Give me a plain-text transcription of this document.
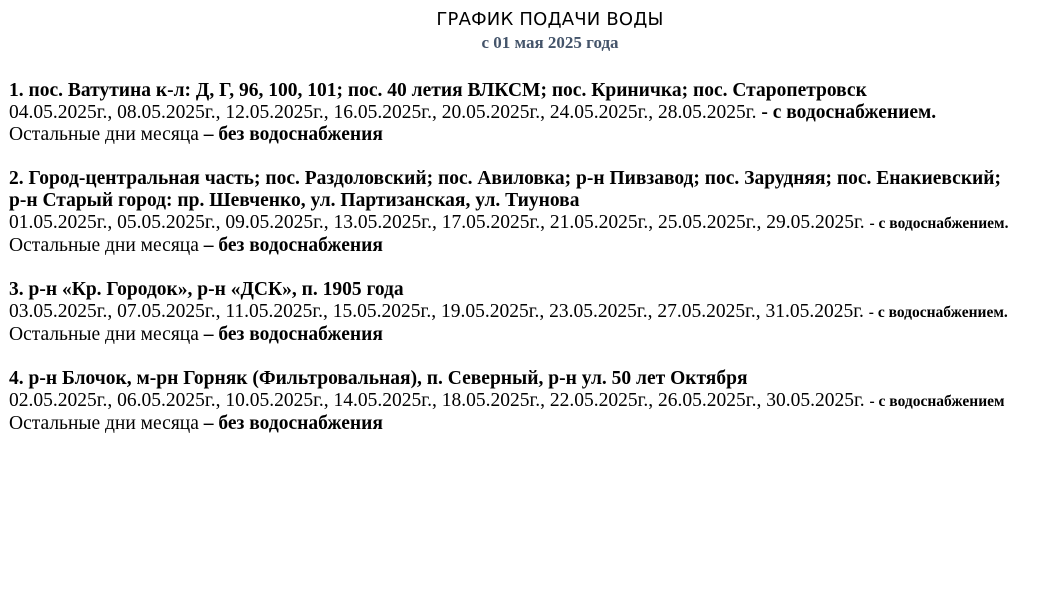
ГРАФИК ПОДАЧИ ВОДЫ
с 01 мая 2025 года
1. пос. Ватутина к-л: Д, Г, 96, 100, 101; пос. 40 летия ВЛКСМ; пос. Криничка; пос. Старопетровск
04.05.2025г., 08.05.2025г., 12.05.2025г., 16.05.2025г., 20.05.2025г., 24.05.2025г., 28.05.2025г. - с водоснабжением.
Остальные дни месяца – без водоснабжения
2. Город-центральная часть; пос. Раздоловский; пос. Авиловка; р-н Пивзавод; пос. Зарудняя; пос. Енакиевский;
р-н Старый город: пр. Шевченко, ул. Партизанская, ул. Тиунова
01.05.2025г., 05.05.2025г., 09.05.2025г., 13.05.2025г., 17.05.2025г., 21.05.2025г., 25.05.2025г., 29.05.2025г. - с водоснабжением.
Остальные дни месяца – без водоснабжения
3. р-н «Кр. Городок», р-н «ДСК», п. 1905 года
03.05.2025г., 07.05.2025г., 11.05.2025г., 15.05.2025г., 19.05.2025г., 23.05.2025г., 27.05.2025г., 31.05.2025г. - с водоснабжением.
Остальные дни месяца – без водоснабжения
4. р-н Блочок, м-рн Горняк (Фильтровальная), п. Северный, р-н ул. 50 лет Октября
02.05.2025г., 06.05.2025г., 10.05.2025г., 14.05.2025г., 18.05.2025г., 22.05.2025г., 26.05.2025г., 30.05.2025г. - с водоснабжением
Остальные дни месяца – без водоснабжения
